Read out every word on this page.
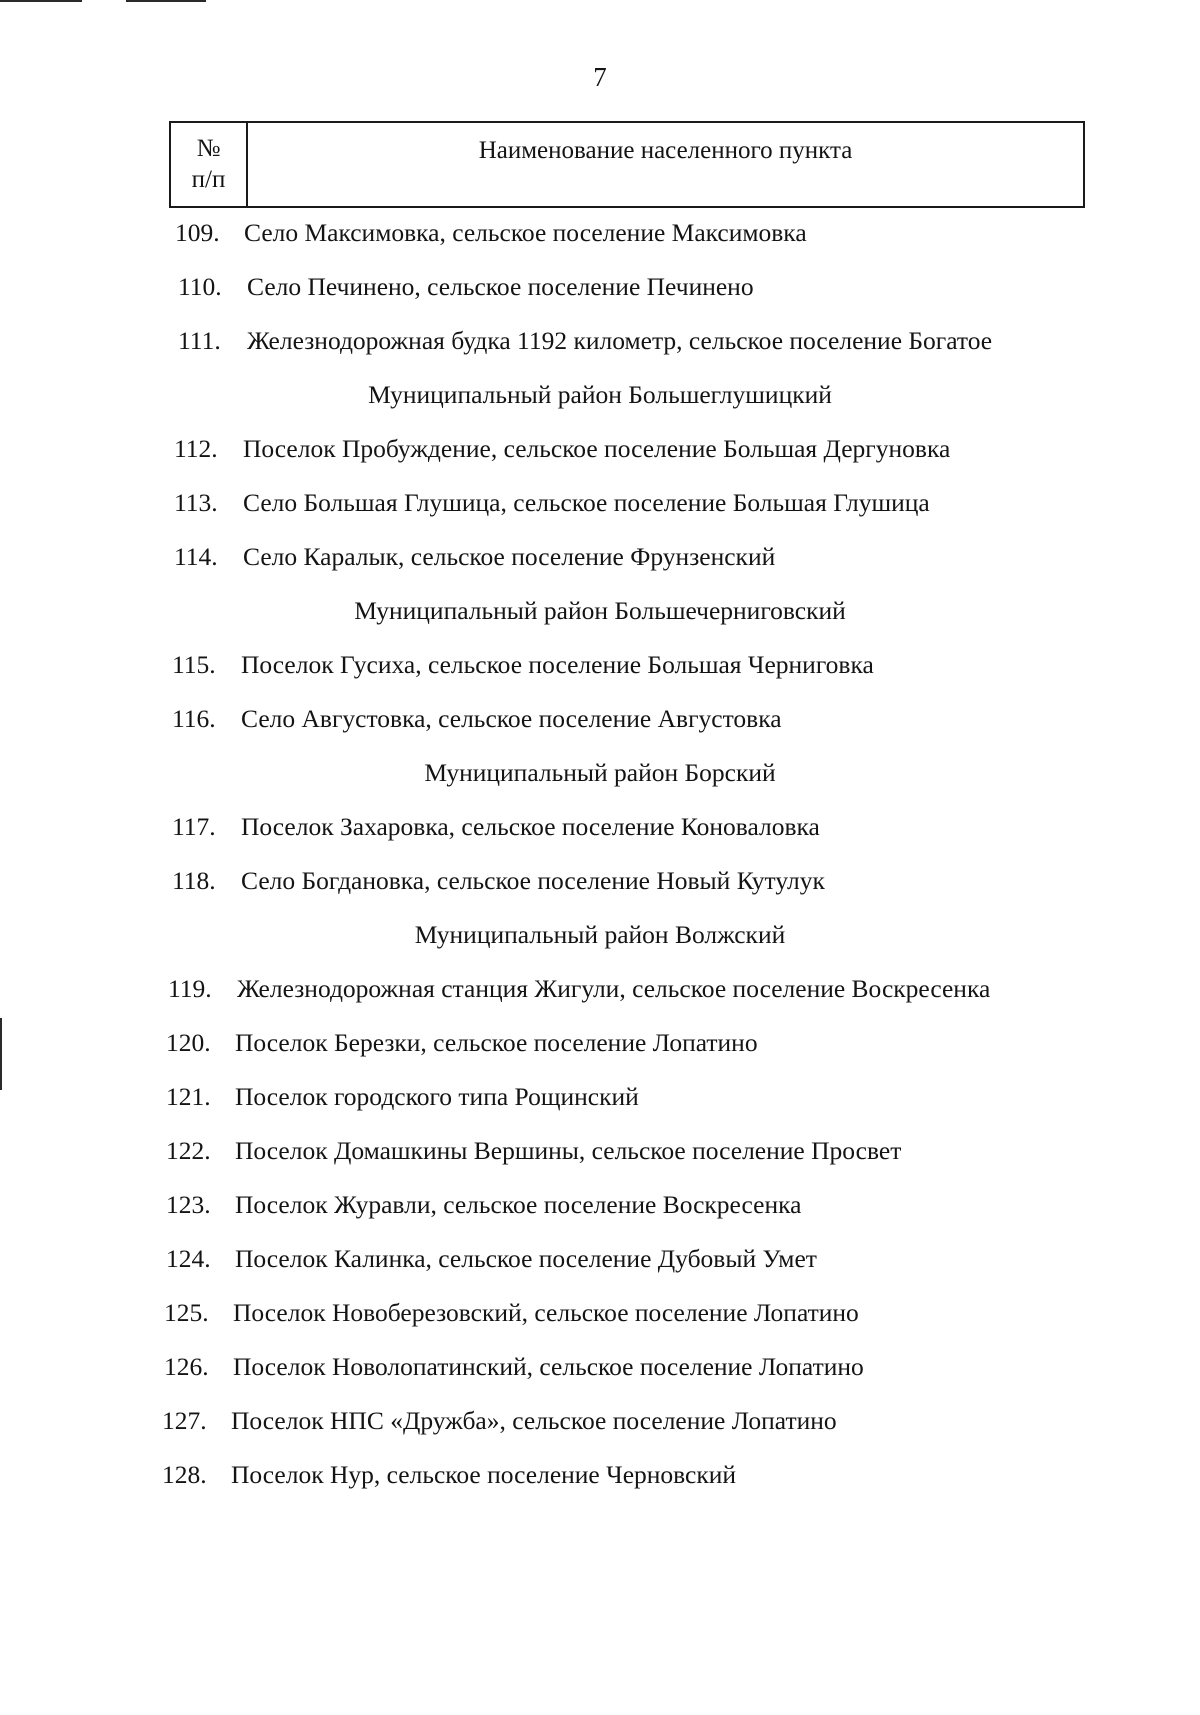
7
№
п/п
Наименование населенного пункта
109. Село Максимовка, сельское поселение Максимовка
110. Село Печинено, сельское поселение Печинено
111.	Железнодорожная будка 1192 километр, сельское поселение Богатое
Муниципальный район Большеглушицкий
112. Поселок Пробуждение, сельское поселение Большая Дергуновка
113. Село Большая Глушица, сельское поселение Большая Глушица
114. Село Каралык, сельское поселение Фрунзенский
Муниципальный район Большечерниговский
115. Поселок Гусиха, сельское поселение Большая Черниговка
116. Село Августовка, сельское поселение Августовка
Муниципальный район Борский
117. Поселок Захаровка, сельское поселение Коноваловка
118. Село Богдановка, сельское поселение Новый Кутулук
Муниципальный район Волжский
119. Железнодорожная станция Жигули, сельское поселение Воскресенка
120. Поселок Березки, сельское поселение Лопатино
121. Поселок городского типа Рощинский
122. Поселок Домашкины Вершины, сельское поселение Просвет
123. Поселок Журавли, сельское поселение Воскресенка
124. Поселок Калинка, сельское поселение Дубовый Умет
125. Поселок Новоберезовский, сельское поселение Лопатино
126. Поселок Новолопатинский, сельское поселение Лопатино
127. Поселок НПС «Дружба», сельское поселение Лопатино
128. Поселок Нур, сельское поселение Черновский
